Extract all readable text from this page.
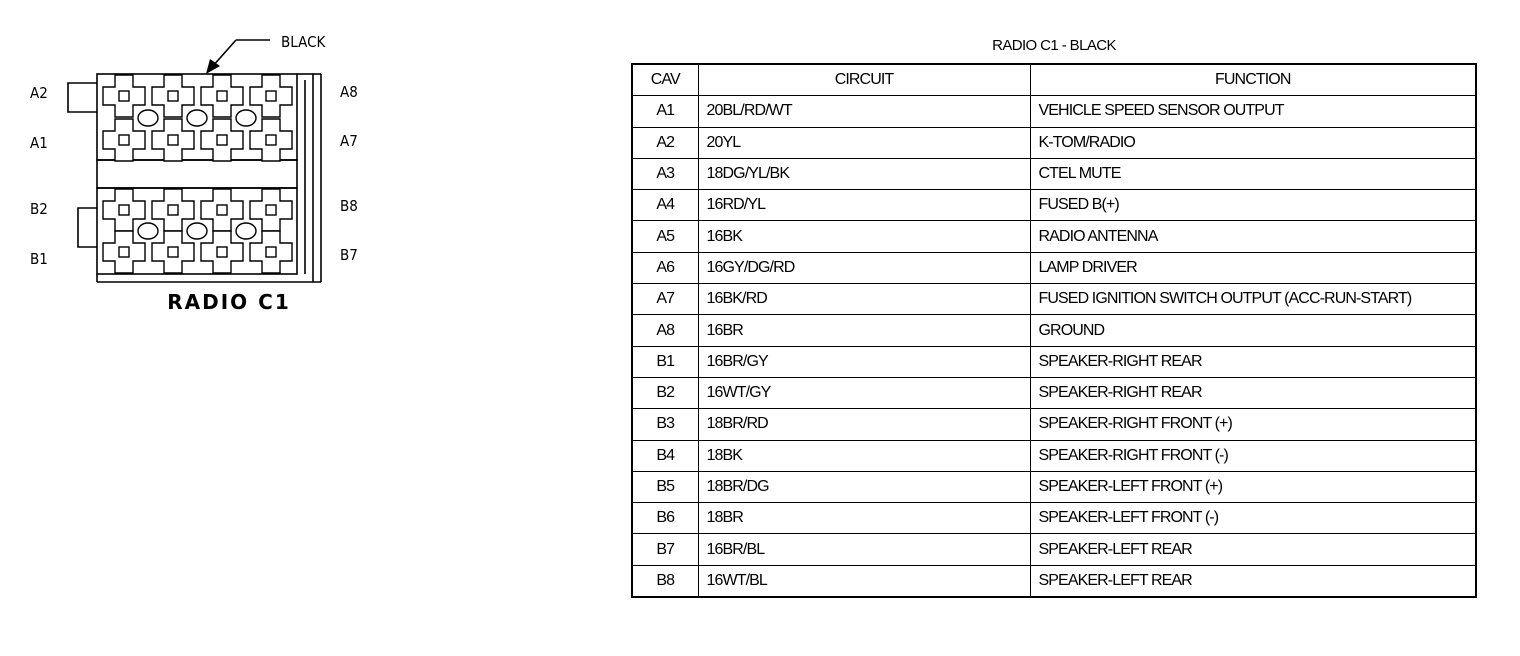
BLACK
A2
A1
B2
B1
A8
A7
B8
B7
RADIO C1
RADIO C1 - BLACK
CAV	CIRCUIT	FUNCTION
A1	20BL/RD/WT	VEHICLE SPEED SENSOR OUTPUT
A2	20YL	K-TOM/RADIO
A3	18DG/YL/BK	CTEL MUTE
A4	16RD/YL	FUSED B(+)
A5	16BK	RADIO ANTENNA
A6	16GY/DG/RD	LAMP DRIVER
A7	16BK/RD	FUSED IGNITION SWITCH OUTPUT (ACC-RUN-START)
A8	16BR	GROUND
B1	16BR/GY	SPEAKER-RIGHT REAR
B2	16WT/GY	SPEAKER-RIGHT REAR
B3	18BR/RD	SPEAKER-RIGHT FRONT (+)
B4	18BK	SPEAKER-RIGHT FRONT (-)
B5	18BR/DG	SPEAKER-LEFT FRONT (+)
B6	18BR	SPEAKER-LEFT FRONT (-)
B7	16BR/BL	SPEAKER-LEFT REAR
B8	16WT/BL	SPEAKER-LEFT REAR
